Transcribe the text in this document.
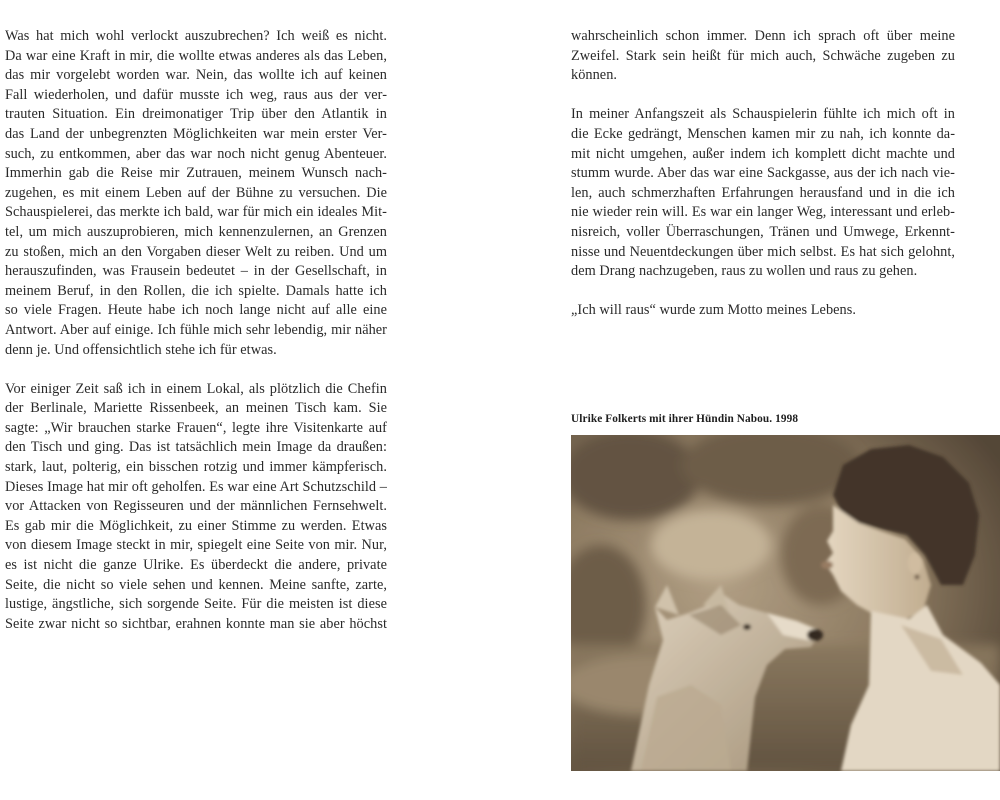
Was hat mich wohl verlockt auszubrechen? Ich weiß es nicht.
Da war eine Kraft in mir, die wollte etwas anderes als das Leben,
das mir vorgelebt worden war. Nein, das wollte ich auf keinen
Fall wiederholen, und dafür musste ich weg, raus aus der ver-
trauten Situation. Ein dreimonatiger Trip über den Atlantik in
das Land der unbegrenzten Möglichkeiten war mein erster Ver-
such, zu entkommen, aber das war noch nicht genug Abenteuer.
Immerhin gab die Reise mir Zutrauen, meinem Wunsch nach-
zugehen, es mit einem Leben auf der Bühne zu versuchen. Die
Schauspielerei, das merkte ich bald, war für mich ein ideales Mit-
tel, um mich auszuprobieren, mich kennenzulernen, an Grenzen
zu stoßen, mich an den Vorgaben dieser Welt zu reiben. Und um
herauszufinden, was Frausein bedeutet – in der Gesellschaft, in
meinem Beruf, in den Rollen, die ich spielte. Damals hatte ich
so viele Fragen. Heute habe ich noch lange nicht auf alle eine
Antwort. Aber auf einige. Ich fühle mich sehr lebendig, mir näher
denn je. Und offensichtlich stehe ich für etwas.
Vor einiger Zeit saß ich in einem Lokal, als plötzlich die Chefin
der Berlinale, Mariette Rissenbeek, an meinen Tisch kam. Sie
sagte: „Wir brauchen starke Frauen“, legte ihre Visitenkarte auf
den Tisch und ging. Das ist tatsächlich mein Image da draußen:
stark, laut, polterig, ein bisschen rotzig und immer kämpferisch.
Dieses Image hat mir oft geholfen. Es war eine Art Schutzschild –
vor Attacken von Regisseuren und der männlichen Fernsehwelt.
Es gab mir die Möglichkeit, zu einer Stimme zu werden. Etwas
von diesem Image steckt in mir, spiegelt eine Seite von mir. Nur,
es ist nicht die ganze Ulrike. Es überdeckt die andere, private
Seite, die nicht so viele sehen und kennen. Meine sanfte, zarte,
lustige, ängstliche, sich sorgende Seite. Für die meisten ist diese
Seite zwar nicht so sichtbar, erahnen konnte man sie aber höchst
wahrscheinlich schon immer. Denn ich sprach oft über meine
Zweifel. Stark sein heißt für mich auch, Schwäche zugeben zu
können.
In meiner Anfangszeit als Schauspielerin fühlte ich mich oft in
die Ecke gedrängt, Menschen kamen mir zu nah, ich konnte da-
mit nicht umgehen, außer indem ich komplett dicht machte und
stumm wurde. Aber das war eine Sackgasse, aus der ich nach vie-
len, auch schmerzhaften Erfahrungen herausfand und in die ich
nie wieder rein will. Es war ein langer Weg, interessant und erleb-
nisreich, voller Überraschungen, Tränen und Umwege, Erkennt-
nisse und Neuentdeckungen über mich selbst. Es hat sich gelohnt,
dem Drang nachzugeben, raus zu wollen und raus zu gehen.
„Ich will raus“ wurde zum Motto meines Lebens.
Ulrike Folkerts mit ihrer Hündin Nabou. 1998
